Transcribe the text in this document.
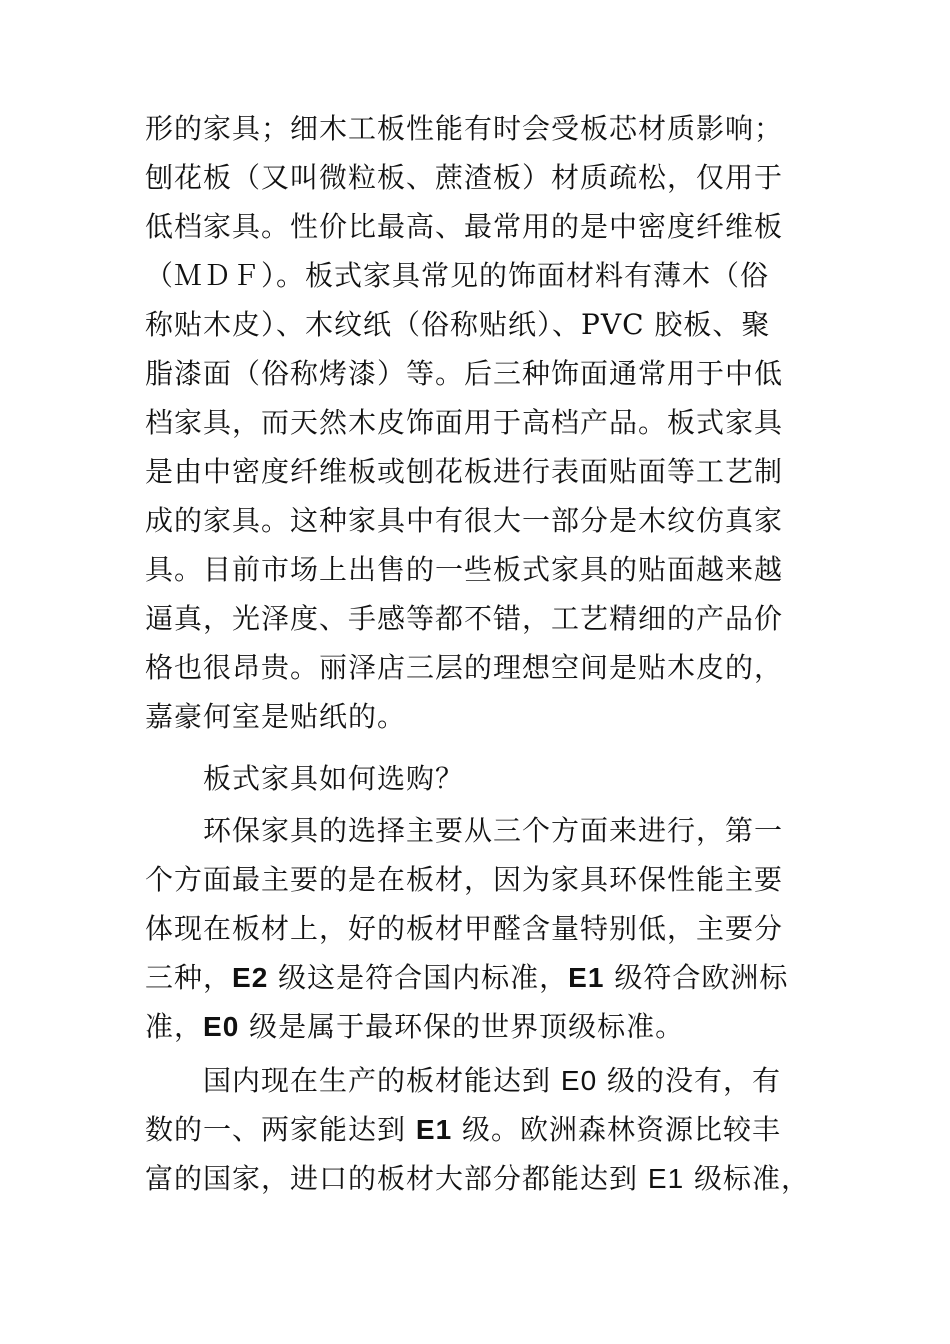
形的家具；细木工板性能有时会受板芯材质影响；
刨花板（又叫微粒板、蔗渣板）材质疏松，仅用于
低档家具。性价比最高、最常用的是中密度纤维板
（ＭＤＦ）。板式家具常见的饰面材料有薄木（俗
称贴木皮）、木纹纸（俗称贴纸）、PVC 胶板、聚
脂漆面（俗称烤漆）等。后三种饰面通常用于中低
档家具，而天然木皮饰面用于高档产品。板式家具
是由中密度纤维板或刨花板进行表面贴面等工艺制
成的家具。这种家具中有很大一部分是木纹仿真家
具。目前市场上出售的一些板式家具的贴面越来越
逼真，光泽度、手感等都不错，工艺精细的产品价
格也很昂贵。丽泽店三层的理想空间是贴木皮的，
嘉豪何室是贴纸的。
板式家具如何选购？
环保家具的选择主要从三个方面来进行，第一
个方面最主要的是在板材，因为家具环保性能主要
体现在板材上，好的板材甲醛含量特别低，主要分
三种，E2 级这是符合国内标准，E1 级符合欧洲标
准，E0 级是属于最环保的世界顶级标准。
国内现在生产的板材能达到 E0 级的没有，有
数的一、两家能达到 E1 级。欧洲森林资源比较丰
富的国家，进口的板材大部分都能达到 E1 级标准，
